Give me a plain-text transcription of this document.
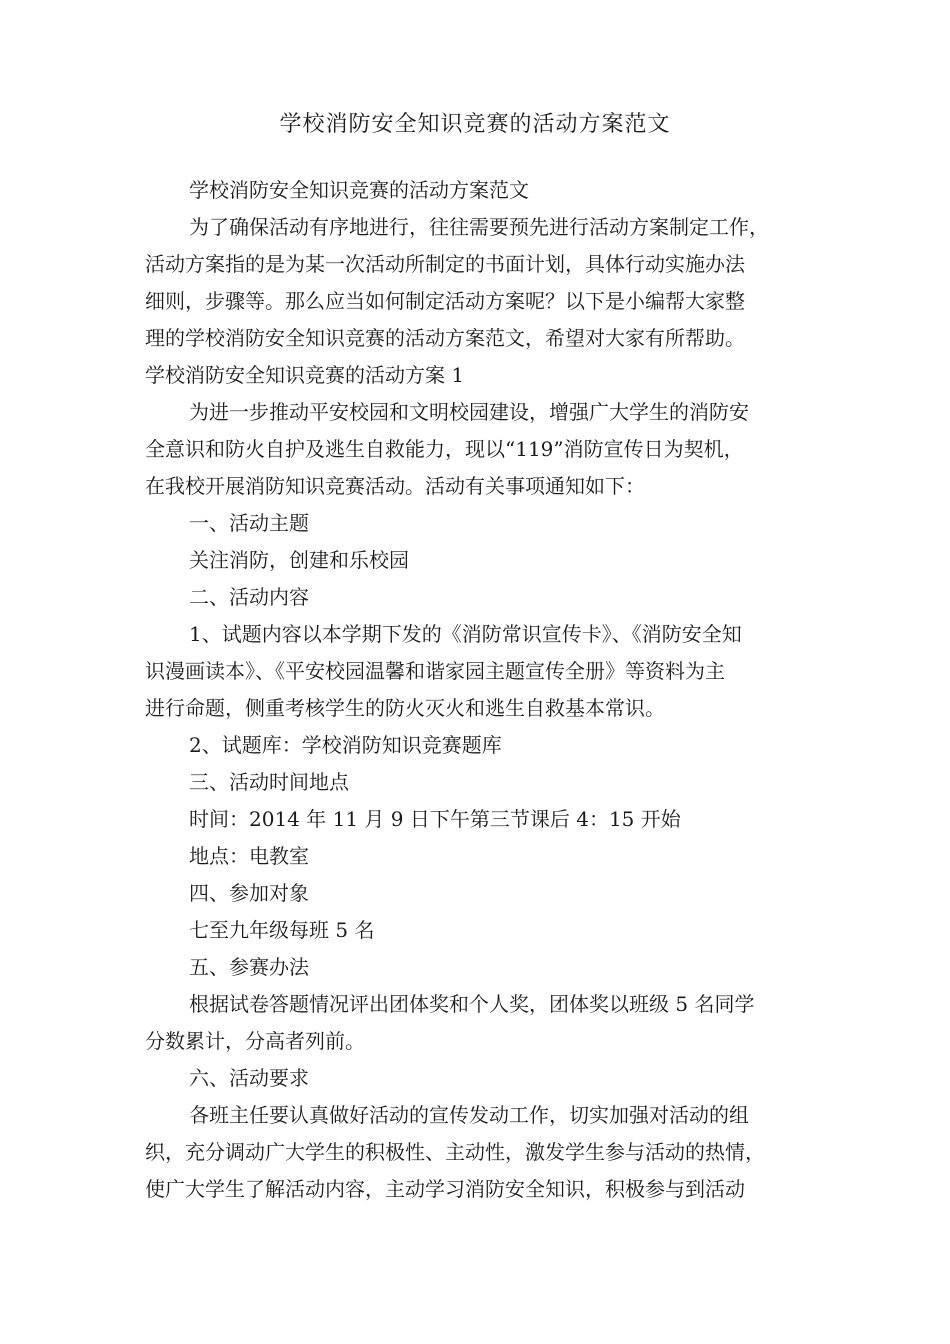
学校消防安全知识竞赛的活动方案范文

学校消防安全知识竞赛的活动方案范文

为了确保活动有序地进行，往往需要预先进行活动方案制定工作，

活动方案指的是为某一次活动所制定的书面计划，具体行动实施办法

细则，步骤等。那么应当如何制定活动方案呢？以下是小编帮大家整

理的学校消防安全知识竞赛的活动方案范文，希望对大家有所帮助。

学校消防安全知识竞赛的活动方案 1

为进一步推动平安校园和文明校园建设，增强广大学生的消防安

全意识和防火自护及逃生自救能力，现以“119”消防宣传日为契机，

在我校开展消防知识竞赛活动。活动有关事项通知如下：

一、活动主题

关注消防，创建和乐校园

二、活动内容

1、试题内容以本学期下发的《消防常识宣传卡》、《消防安全知

识漫画读本》、《平安校园温馨和谐家园主题宣传全册》等资料为主

进行命题，侧重考核学生的防火灭火和逃生自救基本常识。

2、试题库：学校消防知识竞赛题库

三、活动时间地点

时间：2014 年 11 月 9 日下午第三节课后 4：15 开始

地点：电教室

四、参加对象

七至九年级每班 5 名

五、参赛办法

根据试卷答题情况评出团体奖和个人奖，团体奖以班级 5 名同学

分数累计，分高者列前。

六、活动要求

各班主任要认真做好活动的宣传发动工作，切实加强对活动的组

织，充分调动广大学生的积极性、主动性，激发学生参与活动的热情，

使广大学生了解活动内容，主动学习消防安全知识，积极参与到活动
